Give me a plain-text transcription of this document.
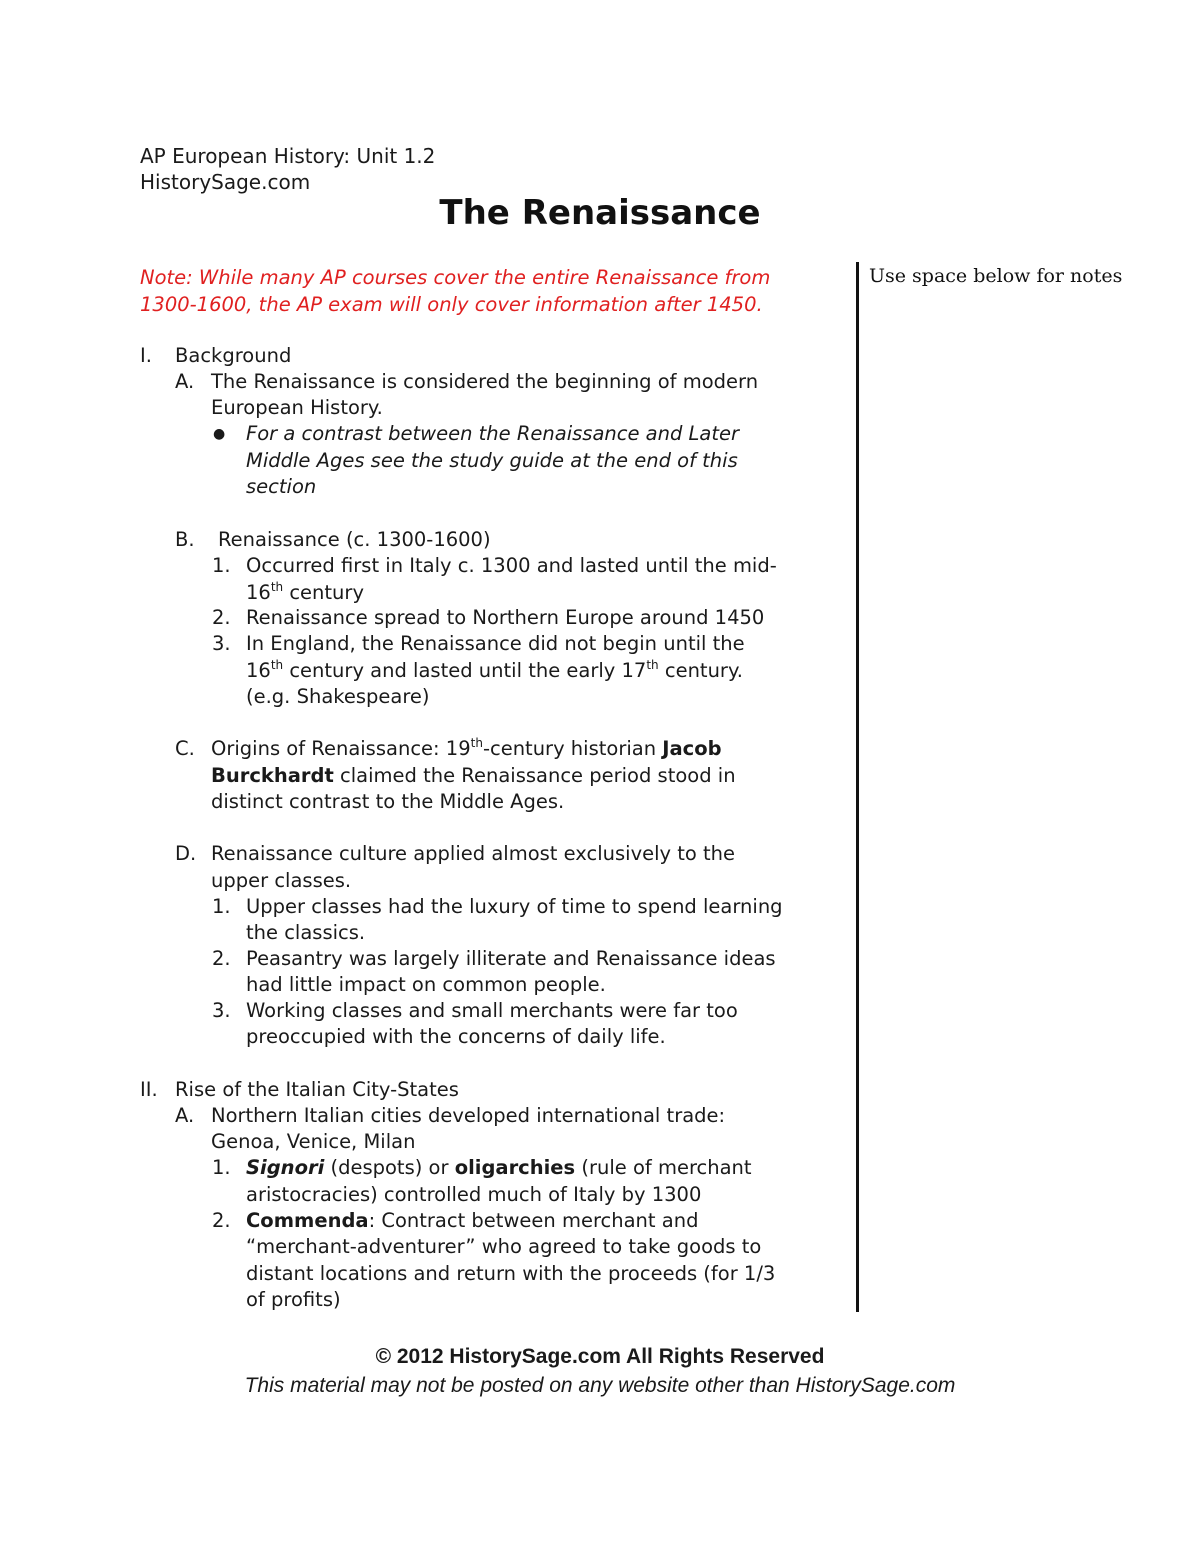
AP European History: Unit 1.2
HistorySage.com
The Renaissance
Note: While many AP courses cover the entire Renaissance from
1300-1600, the AP exam will only cover information after 1450.
Use space below for notes
I. Background
A. The Renaissance is considered the beginning of modern
European History.
● For a contrast between the Renaissance and Later
Middle Ages see the study guide at the end of this
section
B. Renaissance (c. 1300-1600)
1. Occurred first in Italy c. 1300 and lasted until the mid-
16th century
2. Renaissance spread to Northern Europe around 1450
3. In England, the Renaissance did not begin until the
16th century and lasted until the early 17th century.
(e.g. Shakespeare)
C. Origins of Renaissance: 19th-century historian Jacob
Burckhardt claimed the Renaissance period stood in
distinct contrast to the Middle Ages.
D. Renaissance culture applied almost exclusively to the
upper classes.
1. Upper classes had the luxury of time to spend learning
the classics.
2. Peasantry was largely illiterate and Renaissance ideas
had little impact on common people.
3. Working classes and small merchants were far too
preoccupied with the concerns of daily life.
II. Rise of the Italian City-States
A. Northern Italian cities developed international trade:
Genoa, Venice, Milan
1. Signori (despots) or oligarchies (rule of merchant
aristocracies) controlled much of Italy by 1300
2. Commenda: Contract between merchant and
“merchant-adventurer” who agreed to take goods to
distant locations and return with the proceeds (for 1/3
of profits)
© 2012 HistorySage.com All Rights Reserved
This material may not be posted on any website other than HistorySage.com
